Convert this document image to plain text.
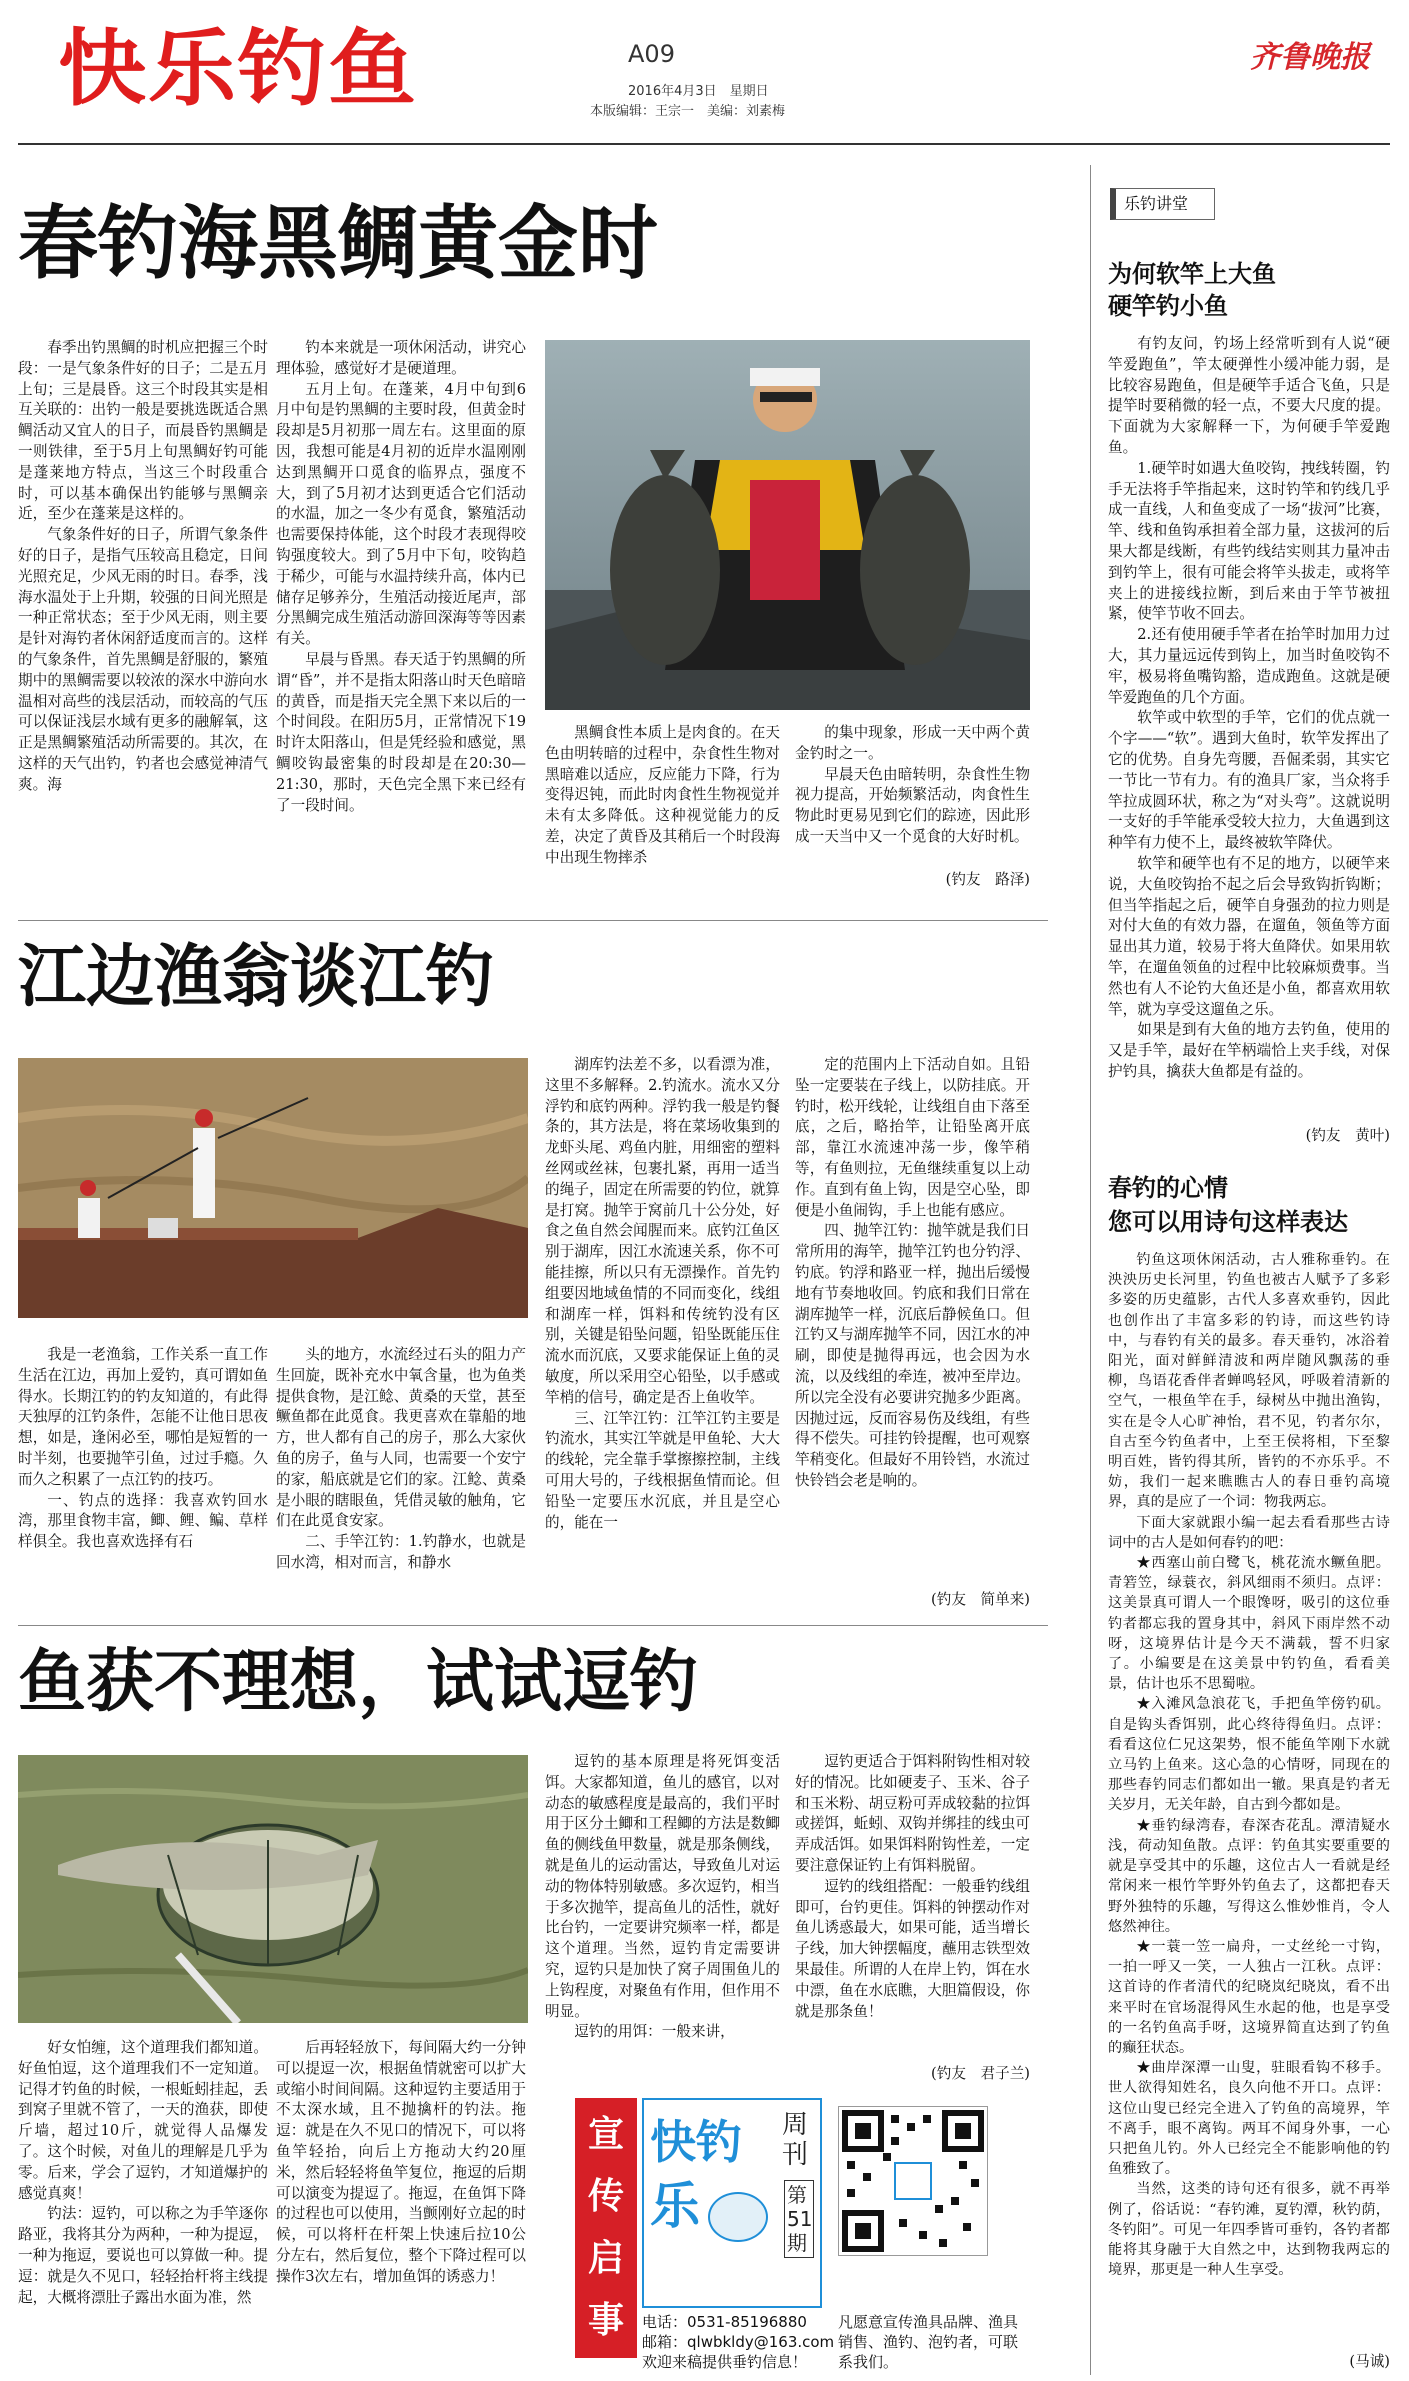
快乐钓鱼	A09
2016年4月3日　星期日
本版编辑：王宗一　美编：刘素梅
齐鲁晚报
春钓海黑鲷黄金时

春季出钓黑鲷的时机应把握三个时段：一是气象条件好的日子；二是五月上旬；三是晨昏。这三个时段其实是相互关联的：出钓一般是要挑选既适合黑鲷活动又宜人的日子，而晨昏钓黑鲷是一则铁律，至于5月上旬黑鲷好钓可能是蓬莱地方特点，当这三个时段重合时，可以基本确保出钓能够与黑鲷亲近，至少在蓬莱是这样的。

气象条件好的日子，所谓气象条件好的日子，是指气压较高且稳定，日间光照充足，少风无雨的时日。春季，浅海水温处于上升期，较强的日间光照是一种正常状态；至于少风无雨，则主要是针对海钓者休闲舒适度而言的。这样的气象条件，首先黑鲷是舒服的，繁殖期中的黑鲷需要以较浓的深水中游向水温相对高些的浅层活动，而较高的气压可以保证浅层水域有更多的融解氧，这正是黑鲷繁殖活动所需要的。其次，在这样的天气出钓，钓者也会感觉神清气爽。海

钓本来就是一项休闲活动，讲究心理体验，感觉好才是硬道理。

五月上旬。在蓬莱，4月中旬到6月中旬是钓黑鲷的主要时段，但黄金时段却是5月初那一周左右。这里面的原因，我想可能是4月初的近岸水温刚刚达到黑鲷开口觅食的临界点，强度不大，到了5月初才达到更适合它们活动的水温，加之一冬少有觅食，繁殖活动也需要保持体能，这个时段才表现得咬钩强度较大。到了5月中下旬，咬钩趋于稀少，可能与水温持续升高，体内已储存足够养分，生殖活动接近尾声，部分黑鲷完成生殖活动游回深海等等因素有关。

早晨与昏黑。春天适于钓黑鲷的所谓“昏”，并不是指太阳落山时天色暗暗的黄昏，而是指天完全黑下来以后的一个时间段。在阳历5月，正常情况下19时许太阳落山，但是凭经验和感觉，黑鲷咬钩最密集的时段却是在20:30—21:30，那时，天色完全黑下来已经有了一段时间。

黑鲷食性本质上是肉食的。在天色由明转暗的过程中，杂食性生物对黑暗难以适应，反应能力下降，行为变得迟钝，而此时肉食性生物视觉并未有太多降低。这种视觉能力的反差，决定了黄昏及其稍后一个时段海中出现生物摔杀

的集中现象，形成一天中两个黄金钓时之一。

早晨天色由暗转明，杂食性生物视力提高，开始频繁活动，肉食性生物此时更易见到它们的踪迹，因此形成一天当中又一个觅食的大好时机。

(钓友　路泽)
江边渔翁谈江钓

我是一老渔翁，工作关系一直工作生活在江边，再加上爱钓，真可谓如鱼得水。长期江钓的钓友知道的，有此得天独厚的江钓条件，怎能不让他日思夜想，如是，逢闲必至，哪怕是短暂的一时半刻，也要抛竿引鱼，过过手瘾。久而久之积累了一点江钓的技巧。

一、钓点的选择：我喜欢钓回水湾，那里食物丰富，鲫、鲤、鳊、草样样俱全。我也喜欢选择有石

头的地方，水流经过石头的阻力产生回旋，既补充水中氧含量，也为鱼类提供食物，是江鲶、黄桑的天堂，甚至鳜鱼都在此觅食。我更喜欢在靠船的地方，世人都有自己的房子，那么大家伙鱼的房子，鱼与人同，也需要一个安宁的家，船底就是它们的家。江鲶、黄桑是小眼的瞎眼鱼，凭借灵敏的触角，它们在此觅食安家。

二、手竿江钓：1.钓静水，也就是回水湾，相对而言，和静水

湖库钓法差不多，以看漂为准，这里不多解释。2.钓流水。流水又分浮钓和底钓两种。浮钓我一般是钓餐条的，其方法是，将在菜场收集到的龙虾头尾、鸡鱼内脏，用细密的塑料丝网或丝袜，包裹扎紧，再用一适当的绳子，固定在所需要的钓位，就算是打窝。抛竿于窝前几十公分处，好食之鱼自然会闻腥而来。底钓江鱼区别于湖库，因江水流速关系，你不可能挂擦，所以只有无漂操作。首先钓组要因地域鱼情的不同而变化，线组和湖库一样，饵料和传统钓没有区别，关键是铅坠问题，铅坠既能压住流水而沉底，又要求能保证上鱼的灵敏度，所以采用空心铅坠，以手感或竿梢的信号，确定是否上鱼收竿。

三、江竿江钓：江竿江钓主要是钓流水，其实江竿就是甲鱼轮、大大的线轮，完全靠手掌擦擦控制，主线可用大号的，子线根据鱼情而论。但铅坠一定要压水沉底，并且是空心的，能在一

定的范围内上下活动自如。且铅坠一定要装在子线上，以防挂底。开钓时，松开线轮，让线组自由下落至底，之后，略抬竿，让铅坠离开底部，靠江水流速冲荡一步，像竿稍等，有鱼则拉，无鱼继续重复以上动作。直到有鱼上钩，因是空心坠，即便是小鱼闹钩，手上也能有感应。

四、抛竿江钓：抛竿就是我们日常所用的海竿，抛竿江钓也分钓浮、钓底。钓浮和路亚一样，抛出后缓慢地有节奏地收回。钓底和我们日常在湖库抛竿一样，沉底后静候鱼口。但江钓又与湖库抛竿不同，因江水的冲刷，即使是抛得再远，也会因为水流，以及线组的牵连，被冲至岸边。所以完全没有必要讲究抛多少距离。因抛过远，反而容易伤及线组，有些得不偿失。可挂钓铃提醒，也可观察竿稍变化。但最好不用铃铛，水流过快铃铛会老是响的。

(钓友　简单来)
鱼获不理想，试试逗钓

好女怕缠，这个道理我们都知道。好鱼怕逗，这个道理我们不一定知道。记得才钓鱼的时候，一根蚯蚓挂起，丢到窝子里就不管了，一天的渔获，即使斤墙，超过10斤，就觉得人品爆发了。这个时候，对鱼儿的理解是几乎为零。后来，学会了逗钓，才知道爆护的感觉真爽！

钓法：逗钓，可以称之为手竿逐你路亚，我将其分为两种，一种为提逗，一种为拖逗，要说也可以算做一种。提逗：就是久不见口，轻轻抬杆将主线提起，大概将漂肚子露出水面为准，然

后再轻轻放下，每间隔大约一分钟可以提逗一次，根据鱼情就密可以扩大或缩小时间间隔。这种逗钓主要适用于不太深水域，且不抛擒杆的钓法。拖逗：就是在久不见口的情况下，可以将鱼竿轻抬，向后上方拖动大约20厘米，然后轻轻将鱼竿复位，拖逗的后期可以演变为提逗了。拖逗，在鱼饵下降的过程也可以使用，当颤刚好立起的时候，可以将杆在杆架上快速后拉10公分左右，然后复位，整个下降过程可以操作3次左右，增加鱼饵的诱惑力！

逗钓的基本原理是将死饵变活饵。大家都知道，鱼儿的感官，以对动态的敏感程度是最高的，我们平时用于区分土鲫和工程鲫的方法是数鲫鱼的侧线鱼甲数量，就是那条侧线，就是鱼儿的运动雷达，导致鱼儿对运动的物体特别敏感。多次逗钓，相当于多次抛竿，提高鱼儿的活性，就好比台钓，一定要讲究频率一样，都是这个道理。当然，逗钓肯定需要讲究，逗钓只是加快了窝子周围鱼儿的上钩程度，对聚鱼有作用，但作用不明显。

逗钓的用饵：一般来讲，

逗钓更适合于饵料附钩性相对较好的情况。比如硬麦子、玉米、谷子和玉米粉、胡豆粉可弄成较黏的拉饵或搓饵，蚯蚓、双钩并绑挂的线虫可弄成活饵。如果饵料附钩性差，一定要注意保证钓上有饵料脱留。

逗钓的线组搭配：一般垂钓线组即可，台钓更佳。饵料的钟摆动作对鱼儿诱惑最大，如果可能，适当增长子线，加大钟摆幅度，蘸用志铁型效果最佳。所谓的人在岸上钓，饵在水中漂，鱼在水底瞧，大胆篇假设，你就是那条鱼！

(钓友　君子兰)
宣
传
启
事
快钓
乐
周刊
第51期
电话：0531-85196880
邮箱：qlwbkldy@163.com
欢迎来稿提供垂钓信息！
凡愿意宣传渔具品牌、渔具销售、渔钓、泡钓者，可联系我们。
乐钓讲堂
为何软竿上大鱼
硬竿钓小鱼

有钓友问，钓场上经常听到有人说“硬竿爱跑鱼”，竿太硬弹性小缓冲能力弱，是比较容易跑鱼，但是硬竿手适合飞鱼，只是提竿时要稍微的轻一点，不要大尺度的提。下面就为大家解释一下，为何硬手竿爱跑鱼。

1.硬竿时如遇大鱼咬钩，拽线转圈，钓手无法将手竿指起来，这时钓竿和钓线几乎成一直线，人和鱼变成了一场“拔河”比赛，竿、线和鱼钩承担着全部力量，这拔河的后果大都是线断，有些钓线结实则其力量冲击到钓竿上，很有可能会将竿头拔走，或将竿夹上的进接线拉断，到后来由于竿节被扭紧，使竿节收不回去。

2.还有使用硬手竿者在抬竿时加用力过大，其力量远远传到钩上，加当时鱼咬钩不牢，极易将鱼嘴钩豁，造成跑鱼。这就是硬竿爱跑鱼的几个方面。

软竿或中软型的手竿，它们的优点就一个字——“软”。遇到大鱼时，软竿发挥出了它的优势。自身先弯腰，吾倔柔弱，其实它一节比一节有力。有的渔具厂家，当众将手竿拉成圆环状，称之为“对头弯”。这就说明一支好的手竿能承受较大拉力，大鱼遇到这种竿有力使不上，最终被软竿降伏。

软竿和硬竿也有不足的地方，以硬竿来说，大鱼咬钩抬不起之后会导致钩折钩断；但当竿指起之后，硬竿自身强劲的拉力则是对付大鱼的有效力器，在遛鱼，领鱼等方面显出其力道，较易于将大鱼降伏。如果用软竿，在遛鱼领鱼的过程中比较麻烦费事。当然也有人不论钓大鱼还是小鱼，都喜欢用软竿，就为享受这遛鱼之乐。

如果是到有大鱼的地方去钓鱼，使用的又是手竿，最好在竿柄端恰上夹手线，对保护钓具，擒获大鱼都是有益的。

(钓友　黄叶)
春钓的心情
您可以用诗句这样表达

钓鱼这项休闲活动，古人雅称垂钓。在泱泱历史长河里，钓鱼也被古人赋予了多彩多姿的历史蕴影，古代人多喜欢垂钓，因此也创作出了丰富多彩的钓诗，而这些钓诗中，与春钓有关的最多。春天垂钓，冰浴着阳光，面对鲜鲜清波和两岸随风飘荡的垂柳，鸟语花香伴者蝉鸣轻风，呼吸着清新的空气，一根鱼竿在手，绿树丛中抛出渔钩，实在是令人心旷神怡，君不见，钓者尔尔，自古至今钓鱼者中，上至王侯将相，下至黎明百姓，皆钓得其所，皆钓的不亦乐乎。不妨，我们一起来瞧瞧古人的春日垂钓高境界，真的是应了一个词：物我两忘。

下面大家就跟小编一起去看看那些古诗词中的古人是如何春钓的吧：

★西塞山前白鹭飞，桃花流水鳜鱼肥。青箬笠，绿蓑衣，斜风细雨不须归。点评：这美景真可谓人一个眼馋呀，吸引的这位垂钓者都忘我的置身其中，斜风下雨岸然不动呀，这境界估计是今天不满载，誓不归家了。小编要是在这美景中钓钓鱼，看看美景，估计也乐不思蜀啦。

★入滩风急浪花飞，手把鱼竿傍钓矶。自是钩头香饵别，此心终待得鱼归。点评：看看这位仁兄这架势，恨不能鱼竿刚下水就立马钓上鱼来。这心急的心情呀，同现在的那些春钓同志们都如出一辙。果真是钓者无关岁月，无关年龄，自古到今都如是。

★垂钓绿湾春，春深杏花乱。潭清疑水浅，荷动知鱼散。点评：钓鱼其实要重要的就是享受其中的乐趣，这位古人一看就是经常闲来一根竹竿野外钓鱼去了，这都把春天野外独特的乐趣，写得这么惟妙惟肖，令人悠然神往。

★一蓑一笠一扁舟，一丈丝纶一寸钩，一拍一呼又一笑，一人独占一江秋。点评：这首诗的作者清代的纪晓岚纪晓岚，看不出来平时在官场混得风生水起的他，也是享受的一名钓鱼高手呀，这境界简直达到了钓鱼的癫狂状态。

★曲岸深潭一山叟，驻眼看钩不移手。世人欲得知姓名，良久向他不开口。点评：这位山叟已经完全进入了钓鱼的高境界，竿不离手，眼不离钩。两耳不闻身外事，一心只把鱼儿钓。外人已经完全不能影响他的钓鱼雅致了。

当然，这类的诗句还有很多，就不再举例了，俗话说：“春钓滩，夏钓潭，秋钓荫，冬钓阳”。可见一年四季皆可垂钓，各钓者都能将其身融于大自然之中，达到物我两忘的境界，那更是一种人生享受。

(马诚)
